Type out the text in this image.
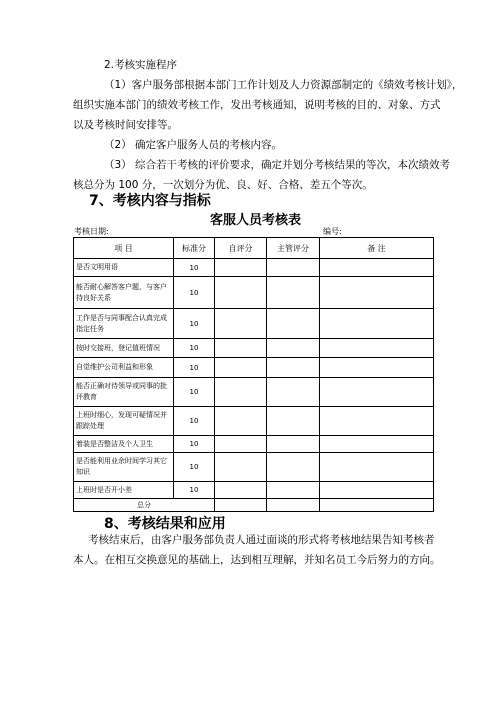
2.考核实施程序
（1）客户服务部根据本部门工作计划及人力资源部制定的《绩效考核计划》，
组织实施本部门的绩效考核工作，发出考核通知，说明考核的目的、对象、方式
以及考核时间安排等。
（2） 确定客户服务人员的考核内容。
（3） 综合若干考核的评价要求，确定并划分考核结果的等次，本次绩效考
核总分为 100 分，一次划分为优、良、好、合格、差五个等次。
7、考核内容与指标
客服人员考核表
考核日期:	编号:
项 目	标准分	自评分	主管评分	备 注
是否文明用语	10			
能否耐心解答客户题，与客户持良好关系	10			
工作是否与同事配合认真完成指定任务	10			
按时交接班，登记值班情况	10			
自觉维护公司利益和形象	10			
能否正确对待领导或同事的批评教育	10			
上班时细心，发现可疑情况并跟踪处理	10			
着装是否整洁及个人卫生	10			
是否能利用业余时间学习其它知识	10			
上班时是否开小差	10			
总分				
8、考核结果和应用
考核结束后，由客户服务部负责人通过面谈的形式将考核地结果告知考核者
本人。在相互交换意见的基础上，达到相互理解，并知名员工今后努力的方向。
